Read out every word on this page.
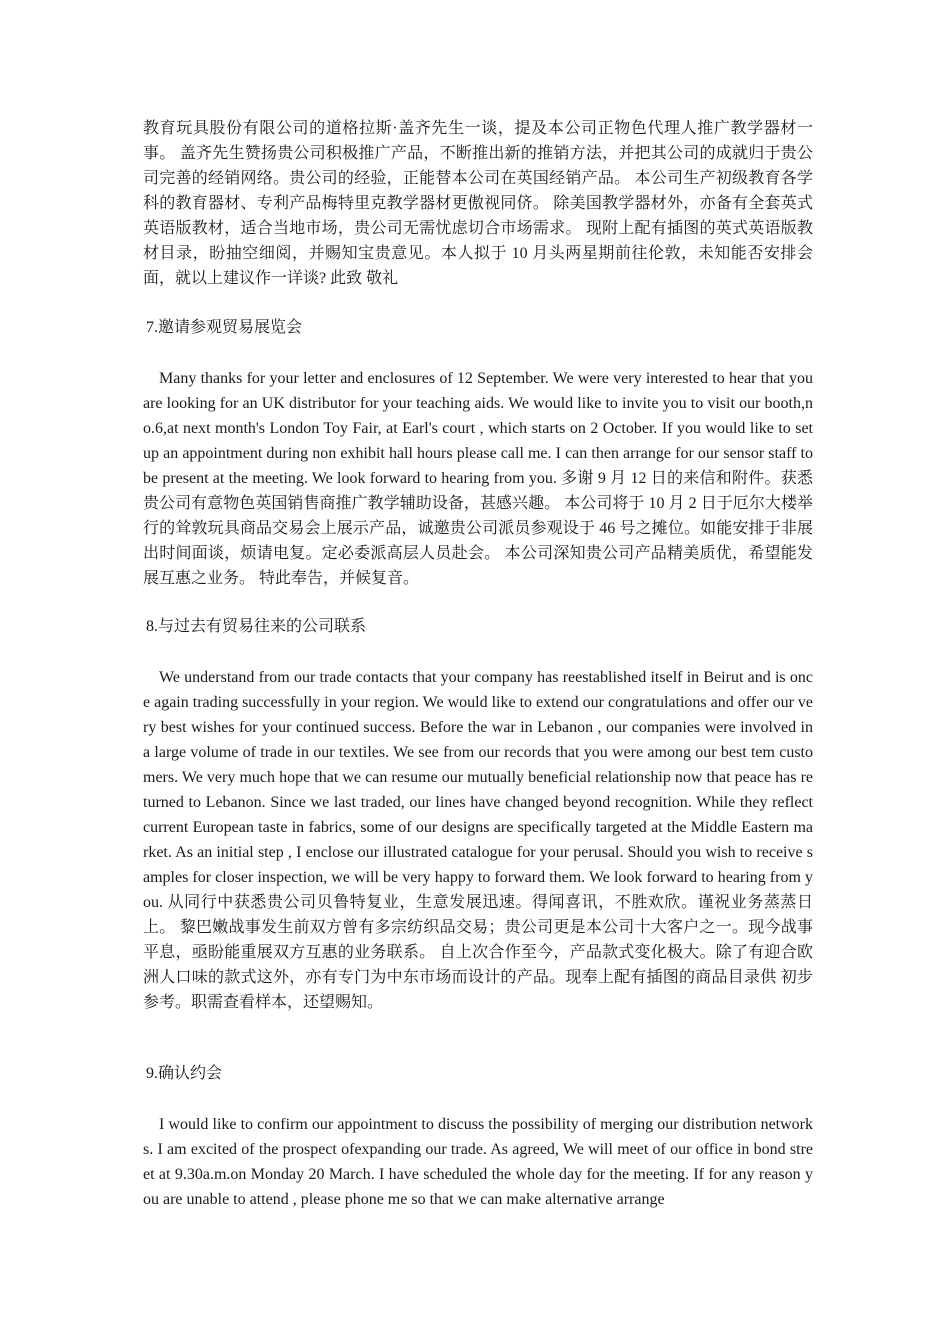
教育玩具股份有限公司的道格拉斯·盖齐先生一谈，提及本公司正物色代理人推广教学器材一事。 盖齐先生赞扬贵公司积极推广产品，不断推出新的推销方法，并把其公司的成就归于贵公司完善的经销网络。贵公司的经验，正能替本公司在英国经销产品。 本公司生产初级教育各学科的教育器材、专利产品梅特里克教学器材更傲视同侪。 除美国教学器材外，亦备有全套英式英语版教材，适合当地市场，贵公司无需忧虑切合市场需求。 现附上配有插图的英式英语版教材目录，盼抽空细阅，并赐知宝贵意见。本人拟于 10 月头两星期前往伦敦，未知能否安排会面，就以上建议作一详谈? 此致 敬礼

7.邀请参观贸易展览会

Many thanks for your letter and enclosures of 12 September. We were very interested to hear that you are looking for an UK distributor for your teaching aids. We would like to invite you to visit our booth,no.6,at next month's London Toy Fair, at Earl's court , which starts on 2 October. If you would like to set up an appointment during non exhibit hall hours please call me. I can then arrange for our sensor staff to be present at the meeting. We look forward to hearing from you. 多谢 9 月 12 日的来信和附件。获悉贵公司有意物色英国销售商推广教学辅助设备，甚感兴趣。 本公司将于 10 月 2 日于厄尔大楼举行的耸敦玩具商品交易会上展示产品，诚邀贵公司派员参观设于 46 号之摊位。如能安排于非展出时间面谈，烦请电复。定必委派高层人员赴会。 本公司深知贵公司产品精美质优，希望能发展互惠之业务。 特此奉告，并候复音。

8.与过去有贸易往来的公司联系

We understand from our trade contacts that your company has reestablished itself in Beirut and is once again trading successfully in your region. We would like to extend our congratulations and offer our very best wishes for your continued success. Before the war in Lebanon , our companies were involved in a large volume of trade in our textiles. We see from our records that you were among our best tem customers. We very much hope that we can resume our mutually beneficial relationship now that peace has returned to Lebanon. Since we last traded, our lines have changed beyond recognition. While they reflect current European taste in fabrics, some of our designs are specifically targeted at the Middle Eastern market. As an initial step , I enclose our illustrated catalogue for your perusal. Should you wish to receive samples for closer inspection, we will be very happy to forward them. We look forward to hearing from you. 从同行中获悉贵公司贝鲁特复业，生意发展迅速。得闻喜讯，不胜欢欣。谨祝业务蒸蒸日上。 黎巴嫩战事发生前双方曾有多宗纺织品交易；贵公司更是本公司十大客户之一。现今战事平息，亟盼能重展双方互惠的业务联系。 自上次合作至今，产品款式变化极大。除了有迎合欧洲人口味的款式这外，亦有专门为中东市场而设计的产品。现奉上配有插图的商品目录供 初步参考。职需查看样本，还望赐知。

9.确认约会

I would like to confirm our appointment to discuss the possibility of merging our distribution networks. I am excited of the prospect ofexpanding our trade. As agreed, We will meet of our office in bond street at 9.30a.m.on Monday 20 March. I have scheduled the whole day for the meeting. If for any reason you are unable to attend , please phone me so that we can make alternative arrange
